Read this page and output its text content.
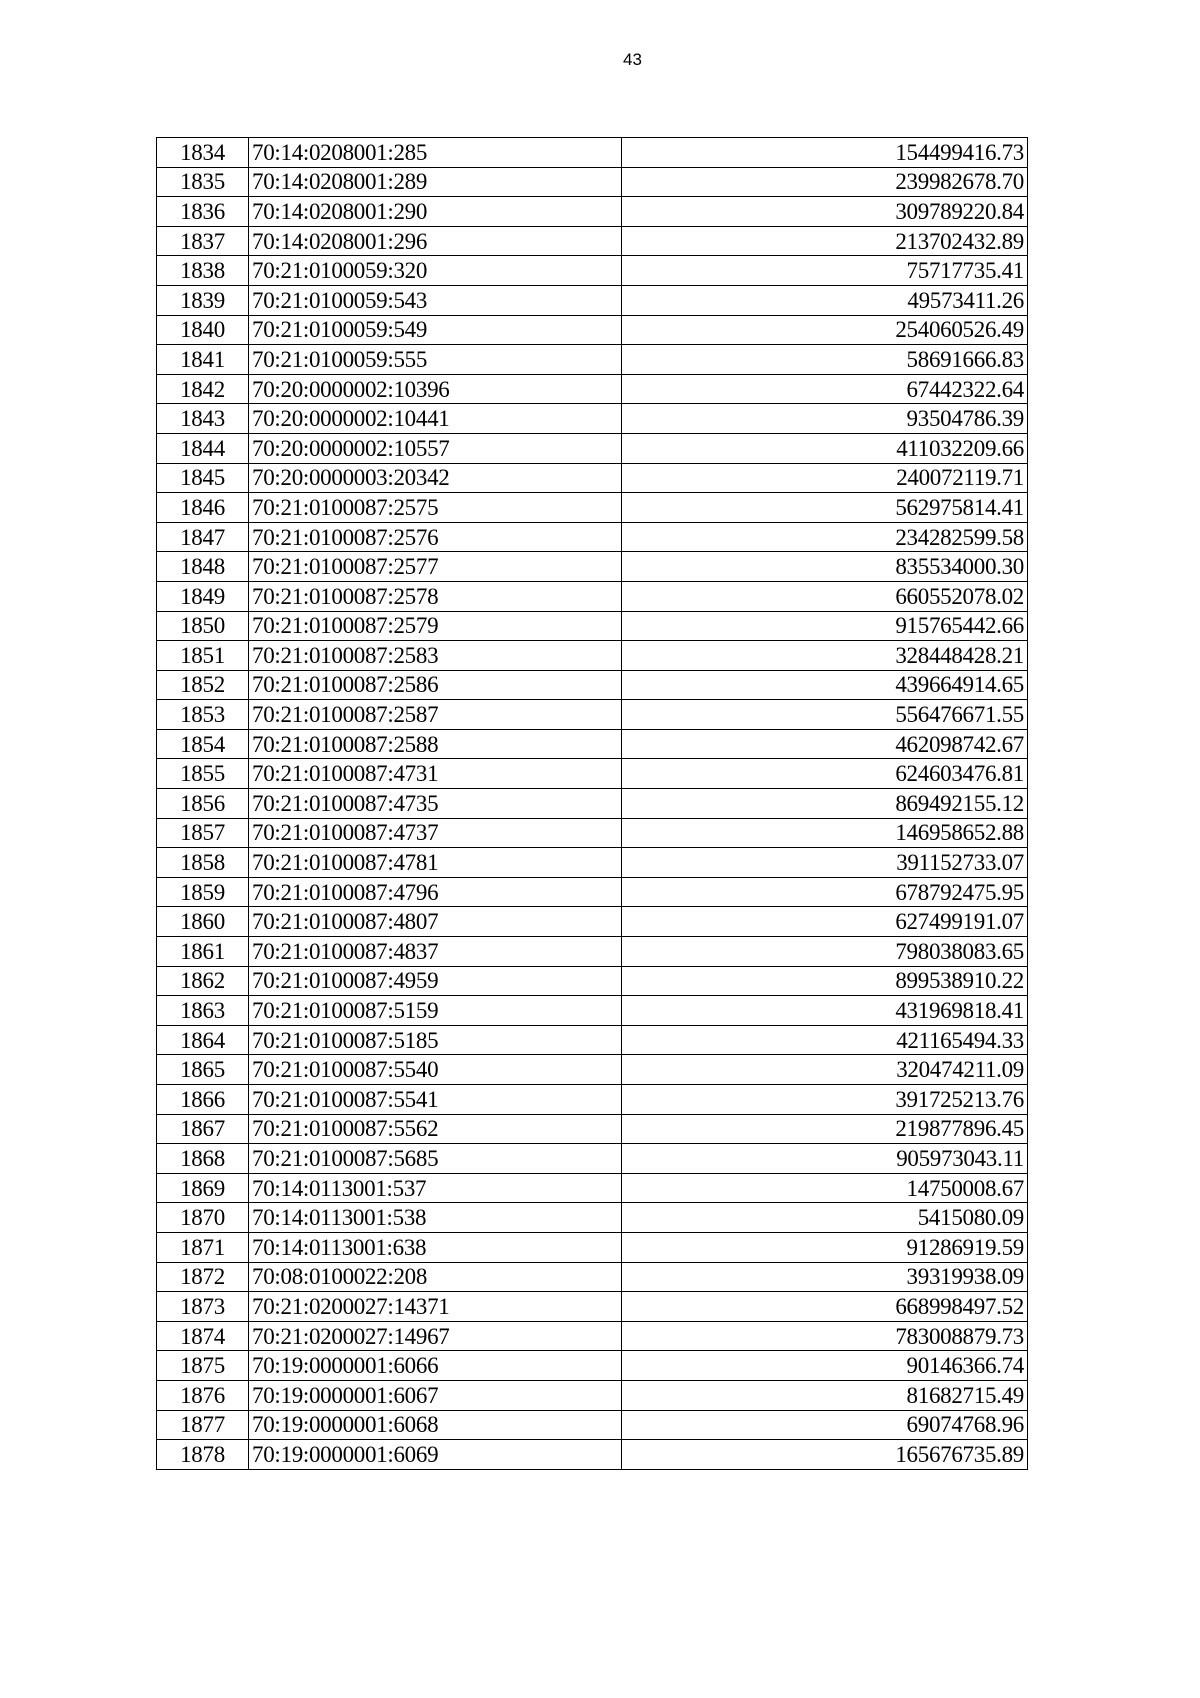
43
1834	70:14:0208001:285	154499416.73
1835	70:14:0208001:289	239982678.70
1836	70:14:0208001:290	309789220.84
1837	70:14:0208001:296	213702432.89
1838	70:21:0100059:320	75717735.41
1839	70:21:0100059:543	49573411.26
1840	70:21:0100059:549	254060526.49
1841	70:21:0100059:555	58691666.83
1842	70:20:0000002:10396	67442322.64
1843	70:20:0000002:10441	93504786.39
1844	70:20:0000002:10557	411032209.66
1845	70:20:0000003:20342	240072119.71
1846	70:21:0100087:2575	562975814.41
1847	70:21:0100087:2576	234282599.58
1848	70:21:0100087:2577	835534000.30
1849	70:21:0100087:2578	660552078.02
1850	70:21:0100087:2579	915765442.66
1851	70:21:0100087:2583	328448428.21
1852	70:21:0100087:2586	439664914.65
1853	70:21:0100087:2587	556476671.55
1854	70:21:0100087:2588	462098742.67
1855	70:21:0100087:4731	624603476.81
1856	70:21:0100087:4735	869492155.12
1857	70:21:0100087:4737	146958652.88
1858	70:21:0100087:4781	391152733.07
1859	70:21:0100087:4796	678792475.95
1860	70:21:0100087:4807	627499191.07
1861	70:21:0100087:4837	798038083.65
1862	70:21:0100087:4959	899538910.22
1863	70:21:0100087:5159	431969818.41
1864	70:21:0100087:5185	421165494.33
1865	70:21:0100087:5540	320474211.09
1866	70:21:0100087:5541	391725213.76
1867	70:21:0100087:5562	219877896.45
1868	70:21:0100087:5685	905973043.11
1869	70:14:0113001:537	14750008.67
1870	70:14:0113001:538	5415080.09
1871	70:14:0113001:638	91286919.59
1872	70:08:0100022:208	39319938.09
1873	70:21:0200027:14371	668998497.52
1874	70:21:0200027:14967	783008879.73
1875	70:19:0000001:6066	90146366.74
1876	70:19:0000001:6067	81682715.49
1877	70:19:0000001:6068	69074768.96
1878	70:19:0000001:6069	165676735.89
